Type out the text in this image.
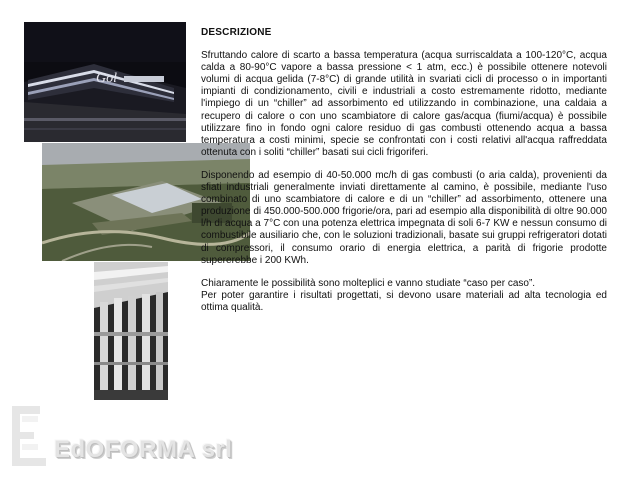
Gol
DESCRIZIONE

Sfruttando calore di scarto a bassa temperatura (acqua surriscaldata a 100-120°C, acqua calda a 80-90°C vapore a bassa pressione < 1 atm, ecc.) è possibile ottenere notevoli volumi di acqua gelida (7-8°C) di grande utilità in svariati cicli di processo o in importanti impianti di condizionamento, civili e industriali a costo estremamente ridotto, mediante l'impiego di un “chiller” ad assorbimento ed utilizzando in combinazione, una caldaia a recupero di calore o con uno scambiatore di calore gas/acqua (fiumi/acqua) è possibile utilizzare fino in fondo ogni calore residuo di gas combusti ottenendo acqua a bassa temperatura a costi minimi, specie se confrontati con i costi relativi all'acqua raffreddata ottenuta con i soliti “chiller” basati sui cicli frigoriferi.

Disponendo ad esempio di 40-50.000 mc/h di gas combusti (o aria calda), provenienti da sfiati industriali generalmente inviati direttamente al camino, è possibile, mediante l'uso combinato di uno scambiatore di calore e di un “chiller” ad assorbimento, ottenere una produzione di 450.000-500.000 frigorie/ora, pari ad esempio alla disponibilità di oltre 90.000 l/h di acqua a 7°C con una potenza elettrica impegnata di soli 6-7 KW e nessun consumo di combustibile ausiliario che, con le soluzioni tradizionali, basate sui gruppi refrigeratori dotati di compressori, il consumo orario di energia elettrica, a parità di frigorie prodotte supererebbe i 200 KWh.

Chiaramente le possibilità sono molteplici e vanno studiate “caso per caso”.

Per poter garantire i risultati progettati, si devono usare materiali ad alta tecnologia ed ottima qualità.

EdOFORMA srl
